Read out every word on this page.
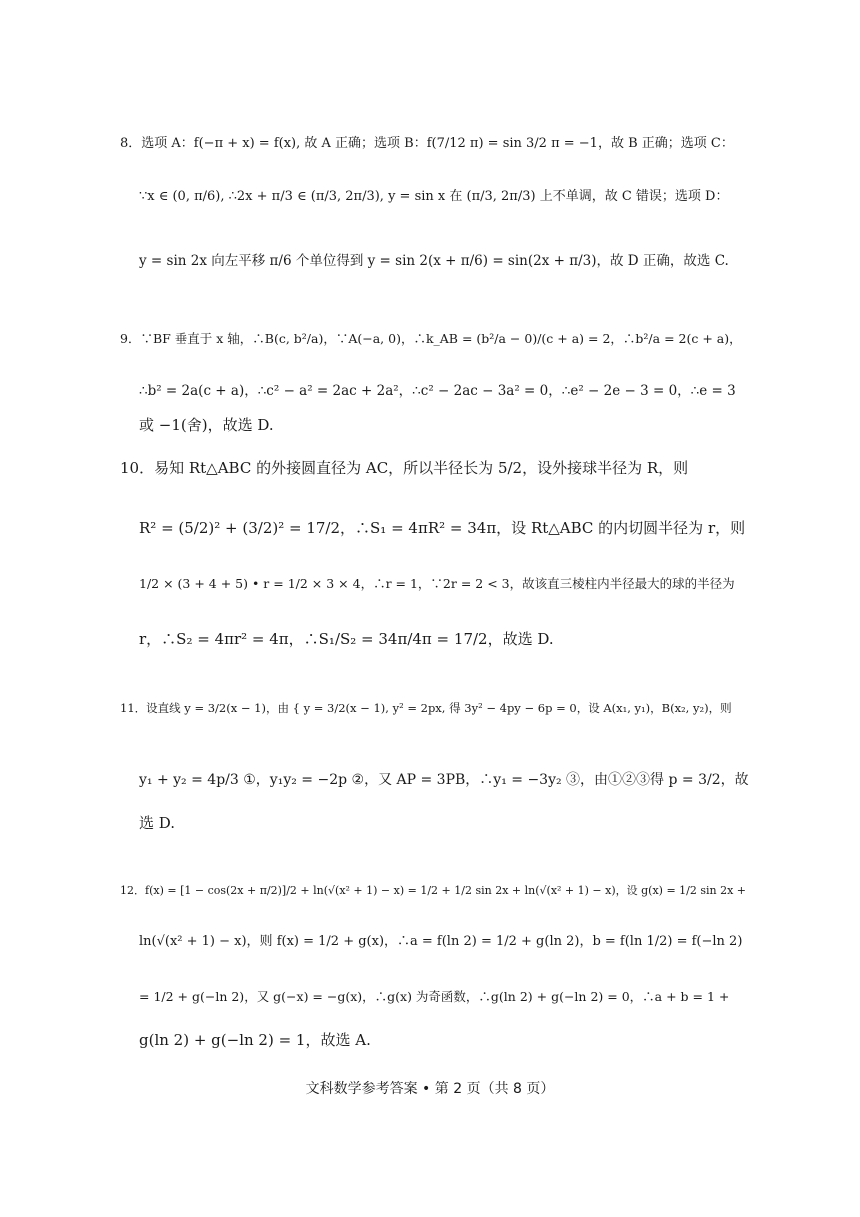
8．选项 A：f(−π + x) = f(x), 故 A 正确；选项 B：f(7/12 π) = sin 3/2 π = −1，故 B 正确；选项 C：
∵x ∈ (0, π/6), ∴2x + π/3 ∈ (π/3, 2π/3), y = sin x 在 (π/3, 2π/3) 上不单调，故 C 错误；选项 D：
y = sin 2x 向左平移 π/6 个单位得到 y = sin 2(x + π/6) = sin(2x + π/3)，故 D 正确，故选 C.
9．∵BF 垂直于 x 轴，∴B(c, b²/a)，∵A(−a, 0)，∴k_AB = (b²/a − 0)/(c + a) = 2，∴b²/a = 2(c + a)，
∴b² = 2a(c + a)，∴c² − a² = 2ac + 2a²，∴c² − 2ac − 3a² = 0，∴e² − 2e − 3 = 0，∴e = 3
或 −1(舍)，故选 D.
10．易知 Rt△ABC 的外接圆直径为 AC，所以半径长为 5/2，设外接球半径为 R，则
R² = (5/2)² + (3/2)² = 17/2，∴S₁ = 4πR² = 34π，设 Rt△ABC 的内切圆半径为 r，则
1/2 × (3 + 4 + 5) • r = 1/2 × 3 × 4，∴r = 1，∵2r = 2 < 3，故该直三棱柱内半径最大的球的半径为
r，∴S₂ = 4πr² = 4π，∴S₁/S₂ = 34π/4π = 17/2，故选 D.
11．设直线 y = 3/2(x − 1)，由 { y = 3/2(x − 1), y² = 2px, 得 3y² − 4py − 6p = 0，设 A(x₁, y₁)，B(x₂, y₂)，则
y₁ + y₂ = 4p/3 ①，y₁y₂ = −2p ②，又 AP = 3PB，∴y₁ = −3y₂ ③，由①②③得 p = 3/2，故
选 D.
12．f(x) = [1 − cos(2x + π/2)]/2 + ln(√(x² + 1) − x) = 1/2 + 1/2 sin 2x + ln(√(x² + 1) − x)，设 g(x) = 1/2 sin 2x +
ln(√(x² + 1) − x)，则 f(x) = 1/2 + g(x)，∴a = f(ln 2) = 1/2 + g(ln 2)，b = f(ln 1/2) = f(−ln 2)
= 1/2 + g(−ln 2)，又 g(−x) = −g(x)，∴g(x) 为奇函数，∴g(ln 2) + g(−ln 2) = 0，∴a + b = 1 +
g(ln 2) + g(−ln 2) = 1，故选 A.
文科数学参考答案 • 第 2 页（共 8 页）
